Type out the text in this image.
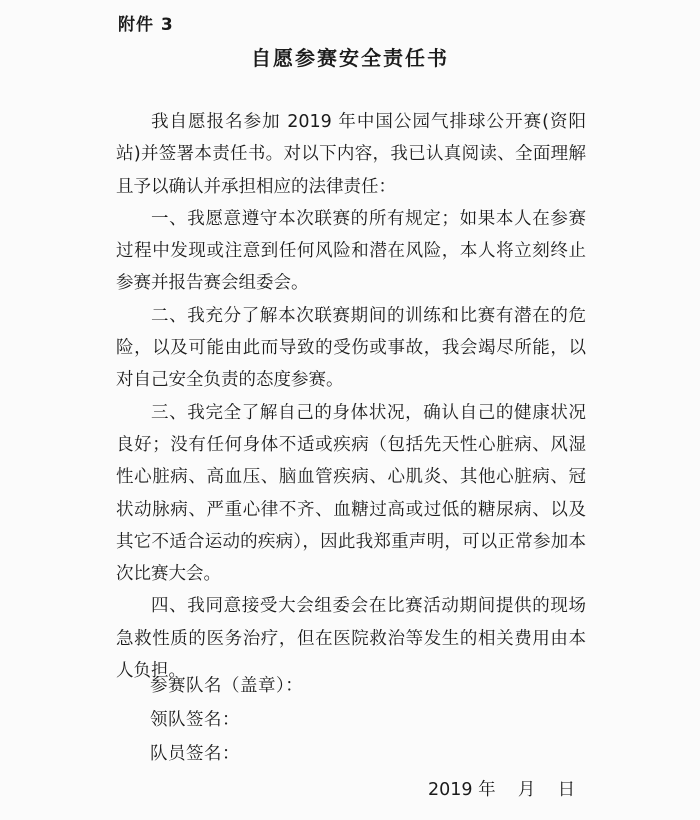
附件 3
自愿参赛安全责任书

我自愿报名参加 2019 年中国公园气排球公开赛(资阳站)并签署本责任书。对以下内容，我已认真阅读、全面理解且予以确认并承担相应的法律责任：

一、我愿意遵守本次联赛的所有规定；如果本人在参赛过程中发现或注意到任何风险和潜在风险，本人将立刻终止参赛并报告赛会组委会。

二、我充分了解本次联赛期间的训练和比赛有潜在的危险，以及可能由此而导致的受伤或事故，我会竭尽所能，以对自己安全负责的态度参赛。

三、我完全了解自己的身体状况，确认自己的健康状况良好；没有任何身体不适或疾病（包括先天性心脏病、风湿性心脏病、高血压、脑血管疾病、心肌炎、其他心脏病、冠状动脉病、严重心律不齐、血糖过高或过低的糖尿病、以及其它不适合运动的疾病），因此我郑重声明，可以正常参加本次比赛大会。

四、我同意接受大会组委会在比赛活动期间提供的现场急救性质的医务治疗，但在医院救治等发生的相关费用由本人负担。

参赛队名（盖章）：
领队签名：
队员签名：
2019 年    月    日
